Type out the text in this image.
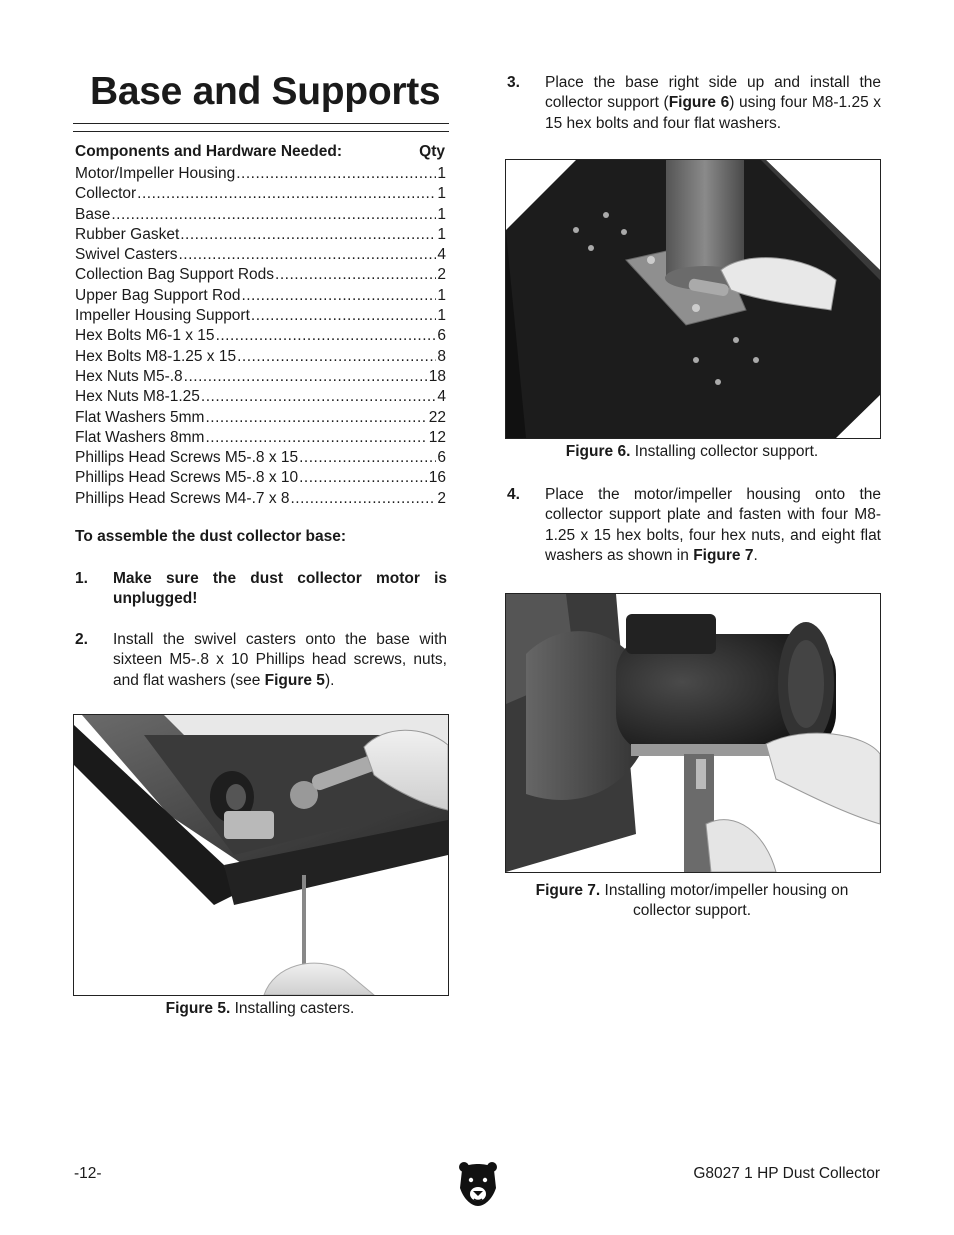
Base and Supports
Components and Hardware Needed:	Qty
Motor/Impeller Housing .....	1
Collector .....	1
Base .....	1
Rubber Gasket .....	1
Swivel Casters .....	4
Collection Bag Support Rods .....	2
Upper Bag Support Rod .....	1
Impeller Housing Support .....	1
Hex Bolts M6-1 x 15 .....	6
Hex Bolts M8-1.25 x 15 .....	8
Hex Nuts M5-.8 .....	18
Hex Nuts M8-1.25 .....	4
Flat Washers 5mm .....	22
Flat Washers 8mm .....	12
Phillips Head Screws M5-.8 x 15 .....	6
Phillips Head Screws M5-.8 x 10 .....	16
Phillips Head Screws M4-.7 x 8 .....	2
To assemble the dust collector base:
1. Make sure the dust collector motor is unplugged!
2. Install the swivel casters onto the base with sixteen M5-.8 x 10 Phillips head screws, nuts, and flat washers (see Figure 5).
Figure 5. Installing casters.
3. Place the base right side up and install the collector support (Figure 6) using four M8-1.25 x 15 hex bolts and four flat washers.
Figure 6. Installing collector support.
4. Place the motor/impeller housing onto the collector support plate and fasten with four M8-1.25 x 15 hex bolts, four hex nuts, and eight flat washers as shown in Figure 7.
Figure 7. Installing motor/impeller housing on collector support.
-12-	G8027 1 HP Dust Collector
